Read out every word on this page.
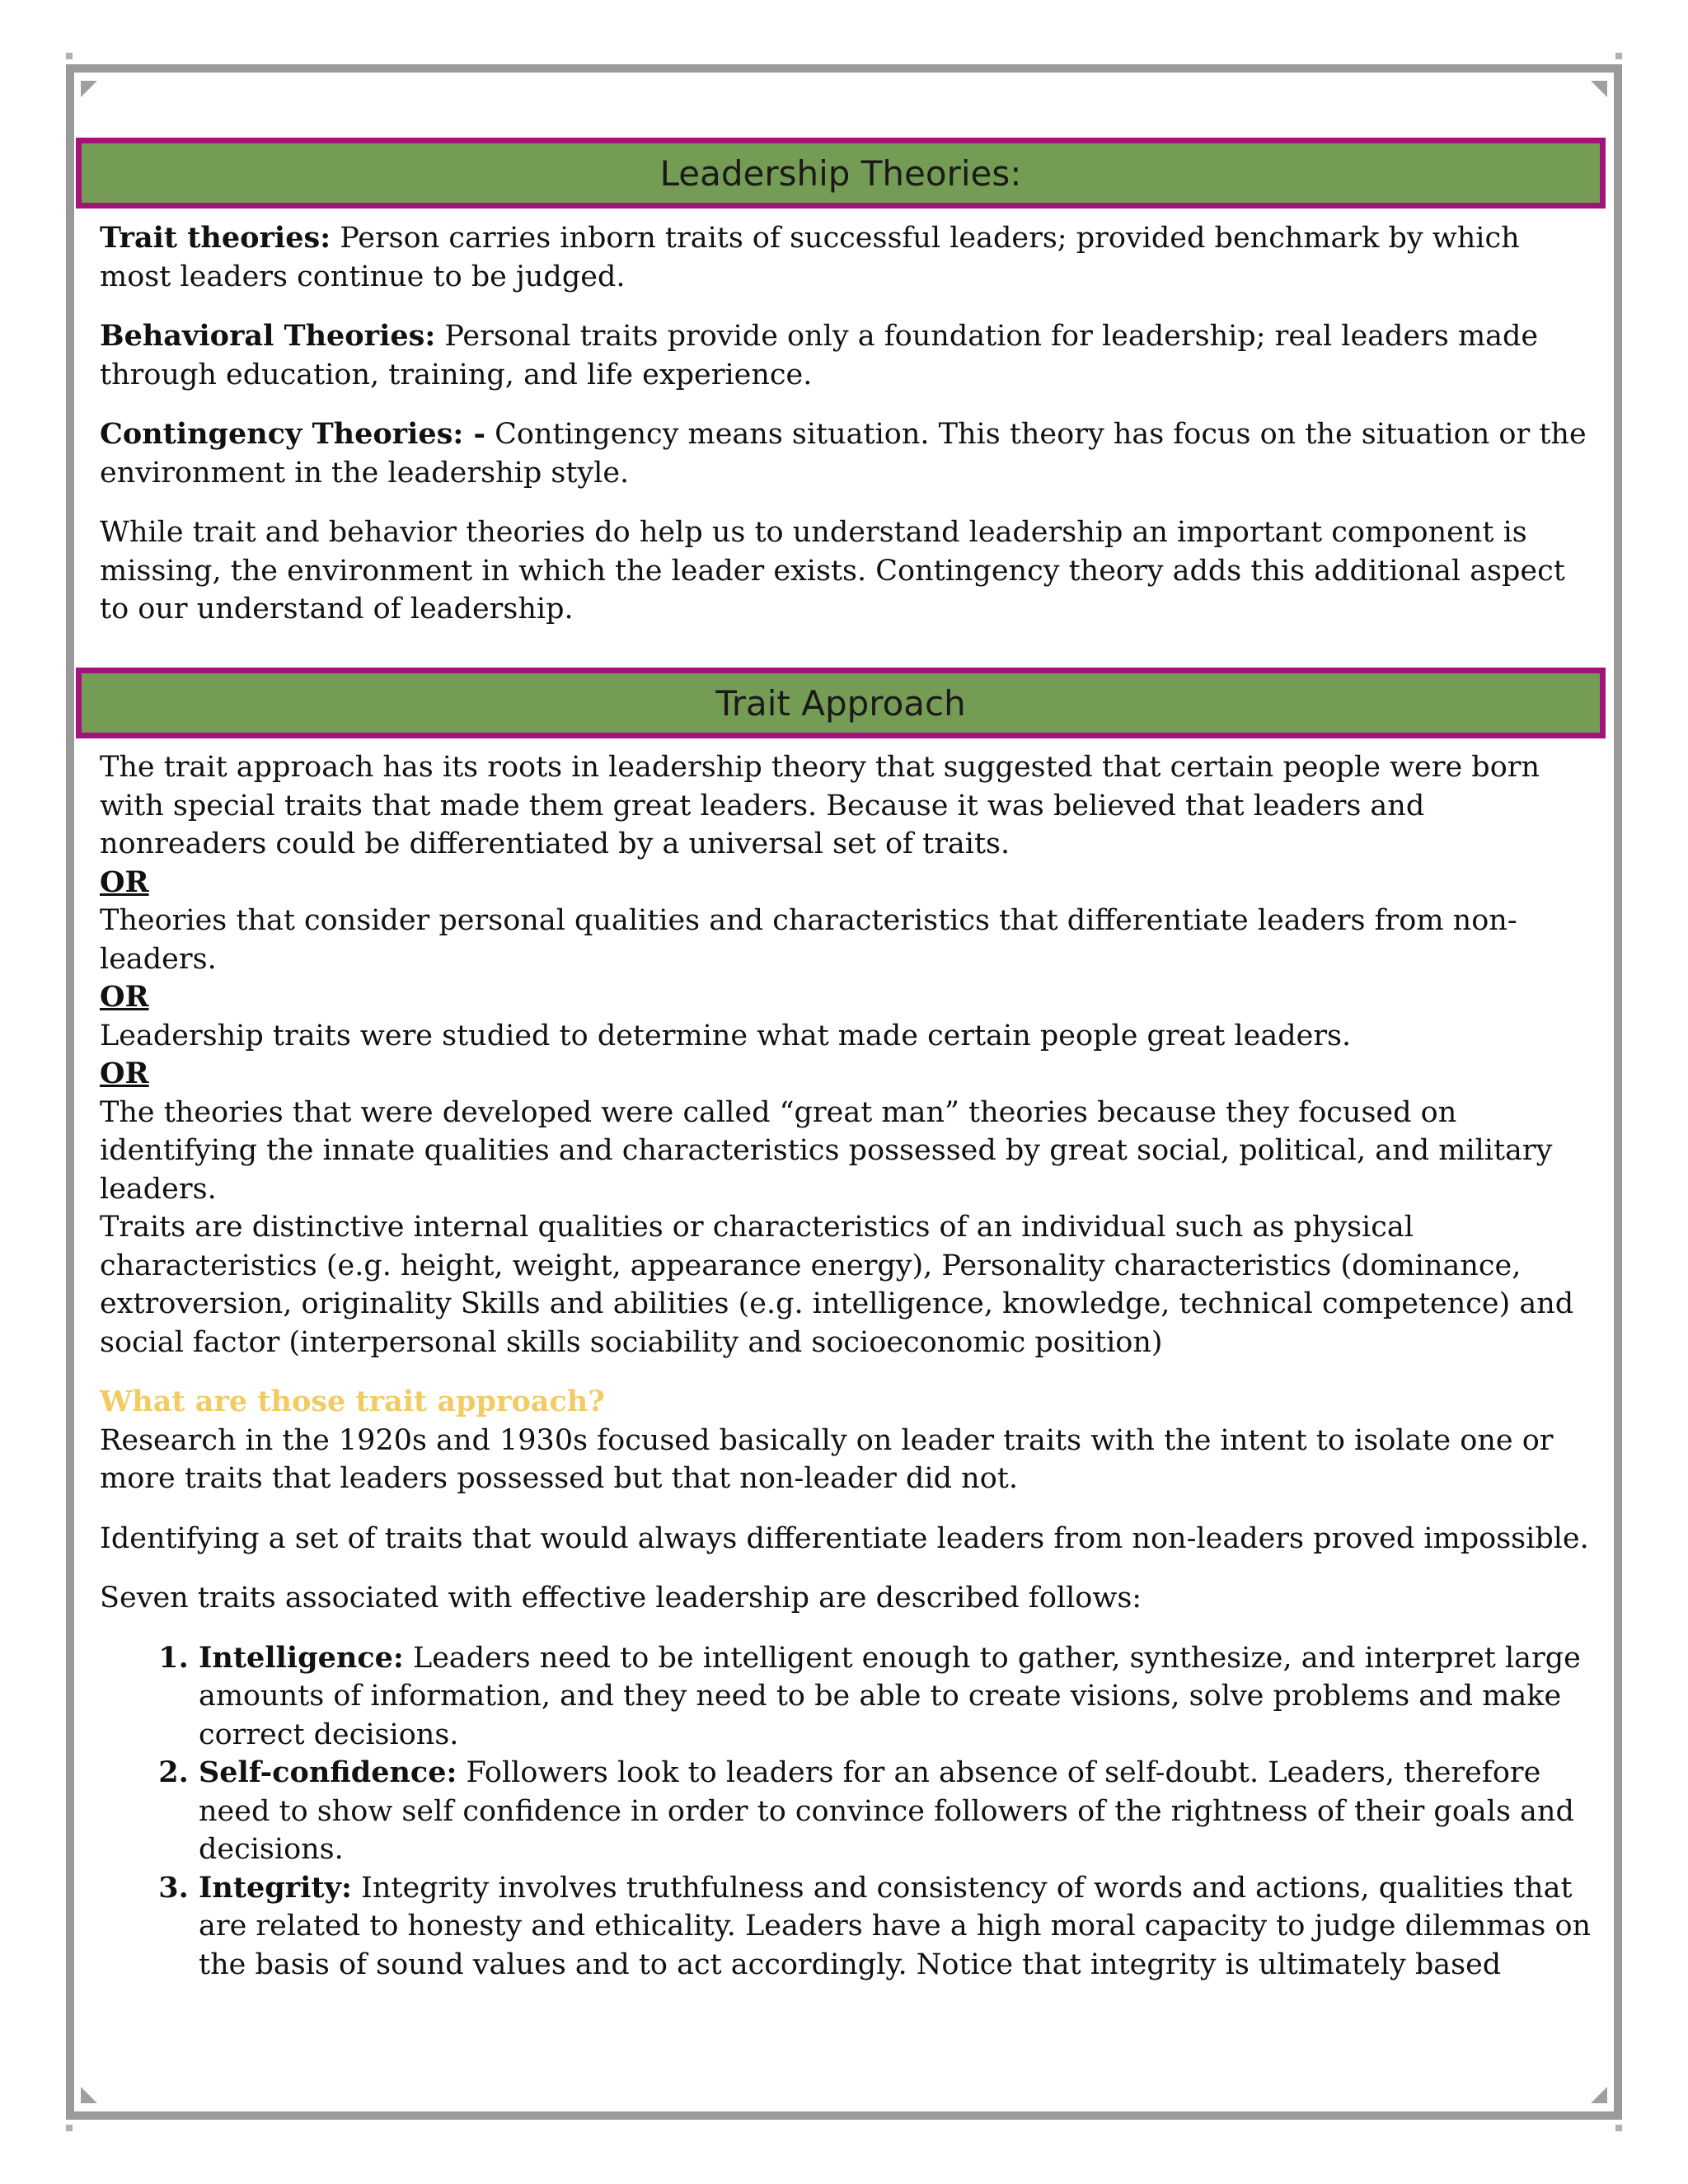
Leadership Theories:

Trait theories: Person carries inborn traits of successful leaders; provided benchmark by which most leaders continue to be judged.

Behavioral Theories: Personal traits provide only a foundation for leadership; real leaders made through education, training, and life experience.

Contingency Theories: - Contingency means situation. This theory has focus on the situation or the environment in the leadership style.

While trait and behavior theories do help us to understand leadership an important component is missing, the environment in which the leader exists. Contingency theory adds this additional aspect to our understand of leadership.

Trait Approach

The trait approach has its roots in leadership theory that suggested that certain people were born with special traits that made them great leaders. Because it was believed that leaders and nonreaders could be differentiated by a universal set of traits.

OR

Theories that consider personal qualities and characteristics that differentiate leaders from non-leaders.

OR

Leadership traits were studied to determine what made certain people great leaders.

OR

The theories that were developed were called “great man” theories because they focused on identifying the innate qualities and characteristics possessed by great social, political, and military leaders.

Traits are distinctive internal qualities or characteristics of an individual such as physical characteristics (e.g. height, weight, appearance energy), Personality characteristics (dominance, extroversion, originality Skills and abilities (e.g. intelligence, knowledge, technical competence) and social factor (interpersonal skills sociability and socioeconomic position)

What are those trait approach?

Research in the 1920s and 1930s focused basically on leader traits with the intent to isolate one or more traits that leaders possessed but that non-leader did not.

Identifying a set of traits that would always differentiate leaders from non-leaders proved impossible.

Seven traits associated with effective leadership are described follows:

1. Intelligence: Leaders need to be intelligent enough to gather, synthesize, and interpret large amounts of information, and they need to be able to create visions, solve problems and make correct decisions.
2. Self-confidence: Followers look to leaders for an absence of self-doubt. Leaders, therefore need to show self confidence in order to convince followers of the rightness of their goals and decisions.
3. Integrity: Integrity involves truthfulness and consistency of words and actions, qualities that are related to honesty and ethicality. Leaders have a high moral capacity to judge dilemmas on the basis of sound values and to act accordingly. Notice that integrity is ultimately based
